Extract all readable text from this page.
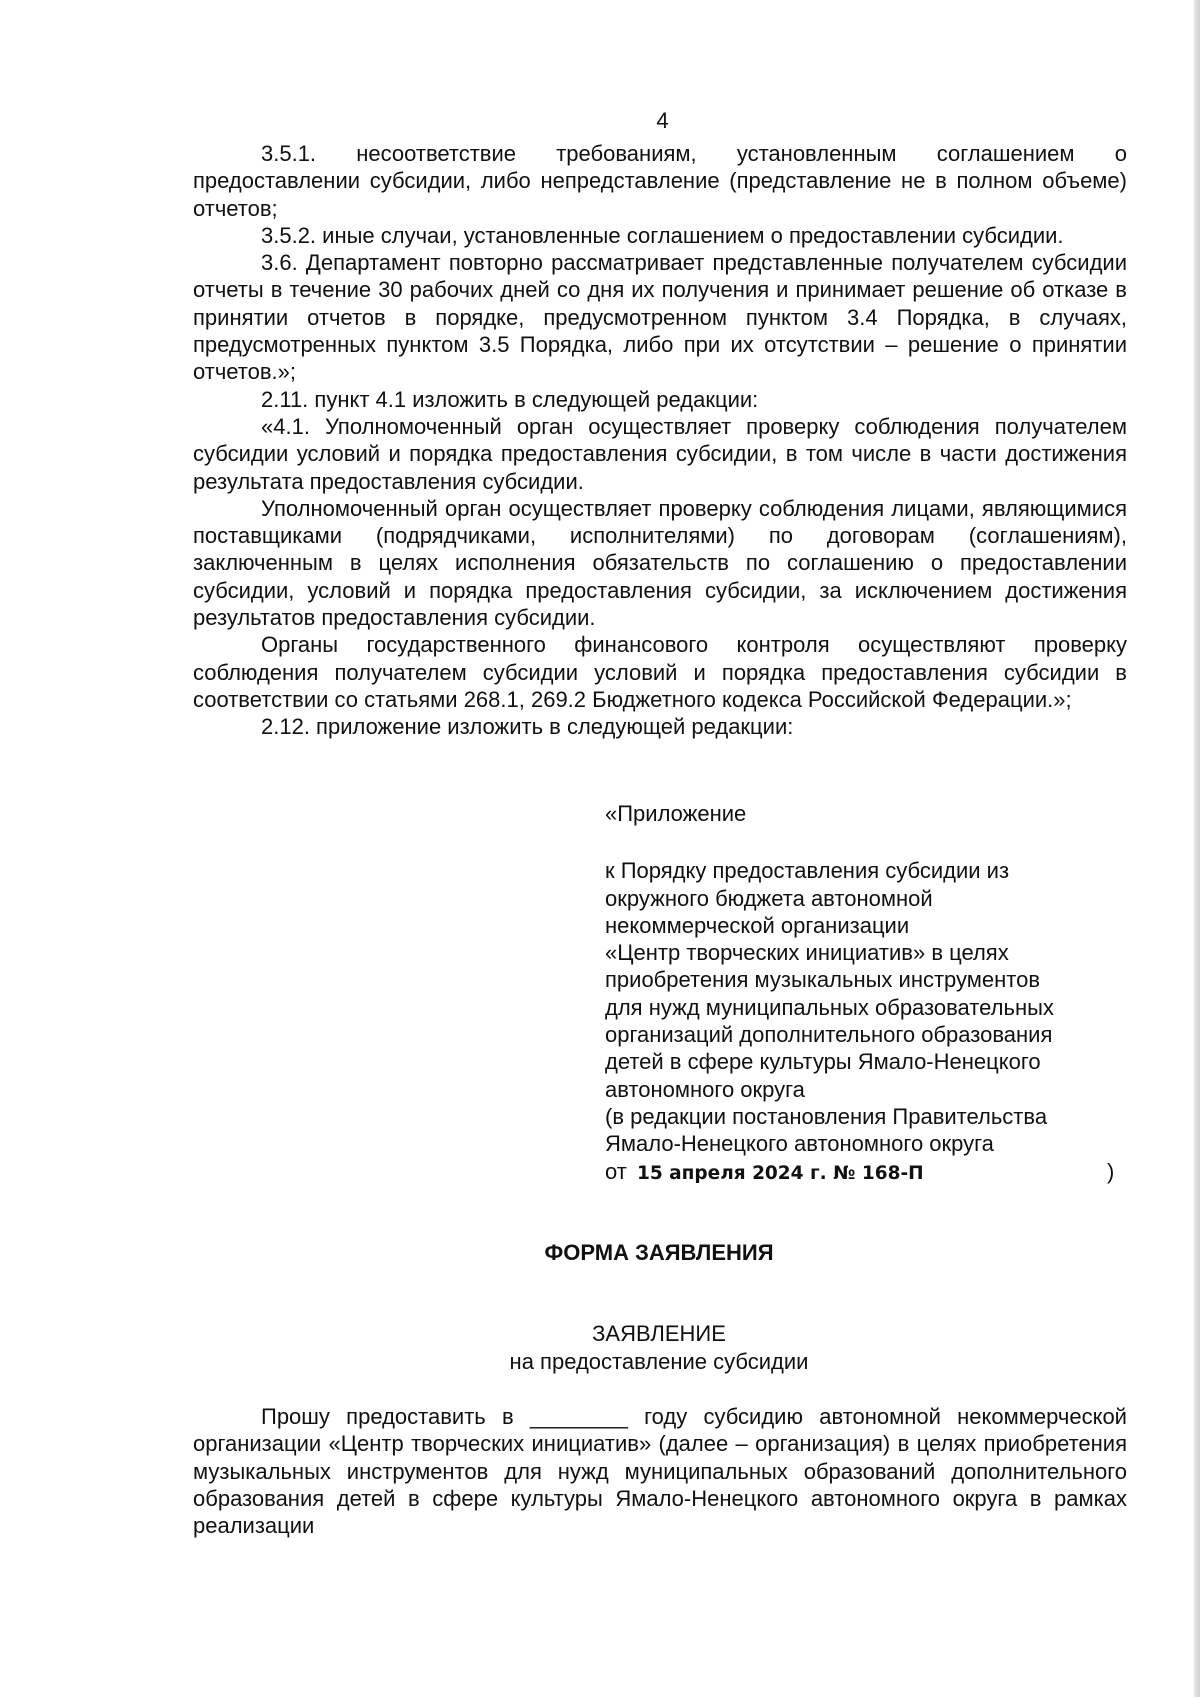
4

3.5.1. несоответствие требованиям, установленным соглашением о предоставлении субсидии, либо непредставление (представление не в полном объеме) отчетов;

3.5.2. иные случаи, установленные соглашением о предоставлении субсидии.

3.6. Департамент повторно рассматривает представленные получателем субсидии отчеты в течение 30 рабочих дней со дня их получения и принимает решение об отказе в принятии отчетов в порядке, предусмотренном пунктом 3.4 Порядка, в случаях, предусмотренных пунктом 3.5 Порядка, либо при их отсутствии – решение о принятии отчетов.»;

2.11. пункт 4.1 изложить в следующей редакции:

«4.1. Уполномоченный орган осуществляет проверку соблюдения получателем субсидии условий и порядка предоставления субсидии, в том числе в части достижения результата предоставления субсидии.

Уполномоченный орган осуществляет проверку соблюдения лицами, являющимися поставщиками (подрядчиками, исполнителями) по договорам (соглашениям), заключенным в целях исполнения обязательств по соглашению о предоставлении субсидии, условий и порядка предоставления субсидии, за исключением достижения результатов предоставления субсидии.

Органы государственного финансового контроля осуществляют проверку соблюдения получателем субсидии условий и порядка предоставления субсидии в соответствии со статьями 268.1, 269.2 Бюджетного кодекса Российской Федерации.»;

2.12. приложение изложить в следующей редакции:

«Приложение
к Порядку предоставления субсидии из
окружного бюджета автономной
некоммерческой организации
«Центр творческих инициатив» в целях
приобретения музыкальных инструментов
для нужд муниципальных образовательных
организаций дополнительного образования
детей в сфере культуры Ямало-Ненецкого
автономного округа
(в редакции постановления Правительства
Ямало-Ненецкого автономного округа
от 15 апреля 2024 г. № 168-П	)
ФОРМА ЗАЯВЛЕНИЯ
ЗАЯВЛЕНИЕ
на предоставление субсидии

Прошу предоставить в ________ году субсидию автономной некоммерческой организации «Центр творческих инициатив» (далее – организация) в целях приобретения музыкальных инструментов для нужд муниципальных образований дополнительного образования детей в сфере культуры Ямало-Ненецкого автономного округа в рамках реализации
